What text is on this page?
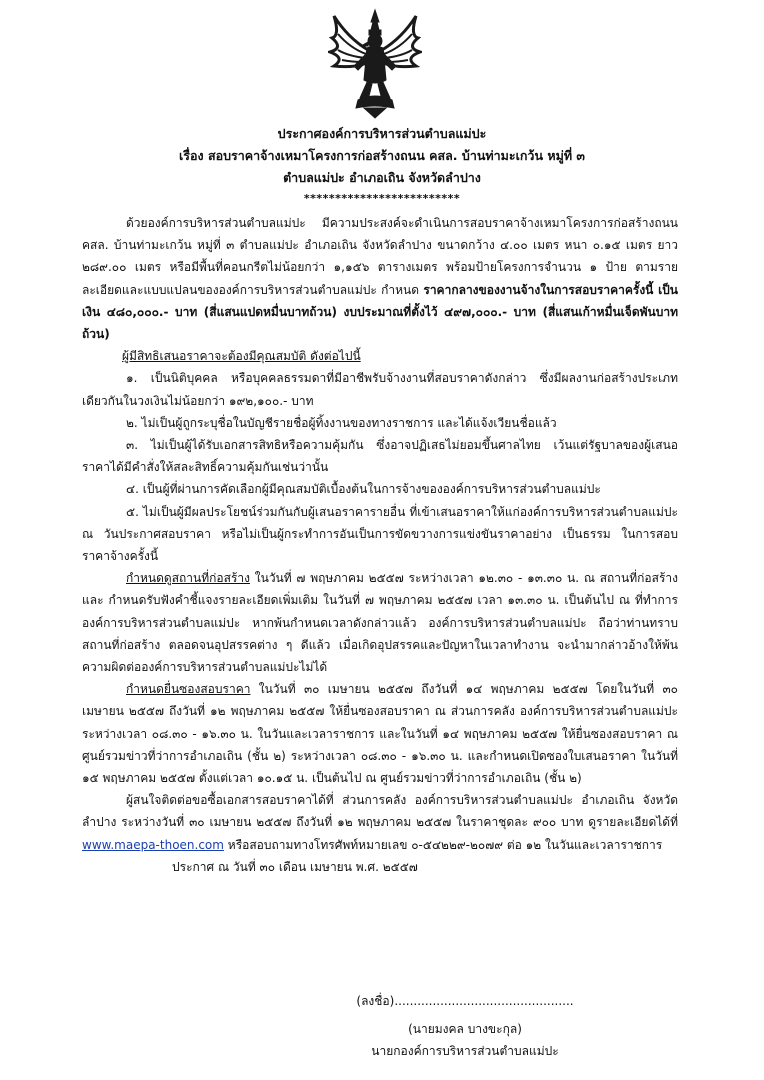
ประกาศองค์การบริหารส่วนตำบลแม่ปะ
เรื่อง สอบราคาจ้างเหมาโครงการก่อสร้างถนน คสล. บ้านท่ามะเกว้น หมู่ที่ ๓
ตำบลแม่ปะ อำเภอเถิน จังหวัดลำปาง
*************************

ด้วยองค์การบริหารส่วนตำบลแม่ปะ มีความประสงค์จะดำเนินการสอบราคาจ้างเหมาโครงการก่อสร้างถนน คสล. บ้านท่ามะเกว้น หมู่ที่ ๓ ตำบลแม่ปะ อำเภอเถิน จังหวัดลำปาง ขนาดกว้าง ๔.๐๐ เมตร หนา ๐.๑๕ เมตร ยาว ๒๘๙.๐๐ เมตร หรือมีพื้นที่คอนกรีตไม่น้อยกว่า ๑,๑๕๖ ตารางเมตร พร้อมป้ายโครงการจำนวน ๑ ป้าย ตามรายละเอียดและแบบแปลนขององค์การบริหารส่วนตำบลแม่ปะ กำหนด ราคากลางของงานจ้างในการสอบราคาครั้งนี้ เป็นเงิน ๔๘๐,๐๐๐.- บาท (สี่แสนแปดหมื่นบาทถ้วน) งบประมาณที่ตั้งไว้ ๔๙๗,๐๐๐.- บาท (สี่แสนเก้าหมื่นเจ็ดพันบาทถ้วน)

ผู้มีสิทธิเสนอราคาจะต้องมีคุณสมบัติ ดังต่อไปนี้

๑. เป็นนิติบุคคล หรือบุคคลธรรมดาที่มีอาชีพรับจ้างงานที่สอบราคาดังกล่าว ซึ่งมีผลงานก่อสร้างประเภทเดียวกันในวงเงินไม่น้อยกว่า ๑๙๒,๑๐๐.- บาท

๒. ไม่เป็นผู้ถูกระบุชื่อในบัญชีรายชื่อผู้ทิ้งงานของทางราชการ และได้แจ้งเวียนชื่อแล้ว

๓. ไม่เป็นผู้ได้รับเอกสารสิทธิหรือความคุ้มกัน ซึ่งอาจปฏิเสธไม่ยอมขึ้นศาลไทย เว้นแต่รัฐบาลของผู้เสนอราคาได้มีคำสั่งให้สละสิทธิ์ความคุ้มกันเช่นว่านั้น

๔. เป็นผู้ที่ผ่านการคัดเลือกผู้มีคุณสมบัติเบื้องต้นในการจ้างขององค์การบริหารส่วนตำบลแม่ปะ

๕. ไม่เป็นผู้มีผลประโยชน์ร่วมกันกับผู้เสนอราคารายอื่น ที่เข้าเสนอราคาให้แก่องค์การบริหารส่วนตำบลแม่ปะ ณ วันประกาศสอบราคา หรือไม่เป็นผู้กระทำการอันเป็นการขัดขวางการแข่งขันราคาอย่าง เป็นธรรม ในการสอบราคาจ้างครั้งนี้

กำหนดดูสถานที่ก่อสร้าง ในวันที่ ๗ พฤษภาคม ๒๕๕๗ ระหว่างเวลา ๑๒.๓๐ - ๑๓.๓๐ น. ณ สถานที่ก่อสร้าง และ กำหนดรับฟังคำชี้แจงรายละเอียดเพิ่มเติม ในวันที่ ๗ พฤษภาคม ๒๕๕๗ เวลา ๑๓.๓๐ น. เป็นต้นไป ณ ที่ทำการองค์การบริหารส่วนตำบลแม่ปะ หากพ้นกำหนดเวลาดังกล่าวแล้ว องค์การบริหารส่วนตำบลแม่ปะ ถือว่าท่านทราบสถานที่ก่อสร้าง ตลอดจนอุปสรรคต่าง ๆ ดีแล้ว เมื่อเกิดอุปสรรคและปัญหาในเวลาทำงาน จะนำมากล่าวอ้างให้พ้นความผิดต่อองค์การบริหารส่วนตำบลแม่ปะไม่ได้

กำหนดยื่นซองสอบราคา ในวันที่ ๓๐ เมษายน ๒๕๕๗ ถึงวันที่ ๑๔ พฤษภาคม ๒๕๕๗ โดยในวันที่ ๓๐ เมษายน ๒๕๕๗ ถึงวันที่ ๑๒ พฤษภาคม ๒๕๕๗ ให้ยื่นซองสอบราคา ณ ส่วนการคลัง องค์การบริหารส่วนตำบลแม่ปะ ระหว่างเวลา ๐๘.๓๐ - ๑๖.๓๐ น. ในวันและเวลาราชการ และในวันที่ ๑๔ พฤษภาคม ๒๕๕๗ ให้ยื่นซองสอบราคา ณ ศูนย์รวมข่าวที่ว่าการอำเภอเถิน (ชั้น ๒) ระหว่างเวลา ๐๘.๓๐ - ๑๖.๓๐ น. และกำหนดเปิดซองใบเสนอราคา ในวันที่ ๑๕ พฤษภาคม ๒๕๕๗ ตั้งแต่เวลา ๑๐.๑๕ น. เป็นต้นไป ณ ศูนย์รวมข่าวที่ว่าการอำเภอเถิน (ชั้น ๒)

ผู้สนใจติดต่อขอซื้อเอกสารสอบราคาได้ที่ ส่วนการคลัง องค์การบริหารส่วนตำบลแม่ปะ อำเภอเถิน จังหวัดลำปาง ระหว่างวันที่ ๓๐ เมษายน ๒๕๕๗ ถึงวันที่ ๑๒ พฤษภาคม ๒๕๕๗ ในราคาชุดละ ๙๐๐ บาท ดูรายละเอียดได้ที่ www.maepa-thoen.com หรือสอบถามทางโทรศัพท์หมายเลข ๐-๕๔๒๒๙-๒๐๗๙ ต่อ ๑๒ ในวันและเวลาราชการ

ประกาศ ณ วันที่ ๓๐ เดือน เมษายน พ.ศ. ๒๕๕๗

(ลงชื่อ)...............................................
(นายมงคล บางขะกุล)
นายกองค์การบริหารส่วนตำบลแม่ปะ
